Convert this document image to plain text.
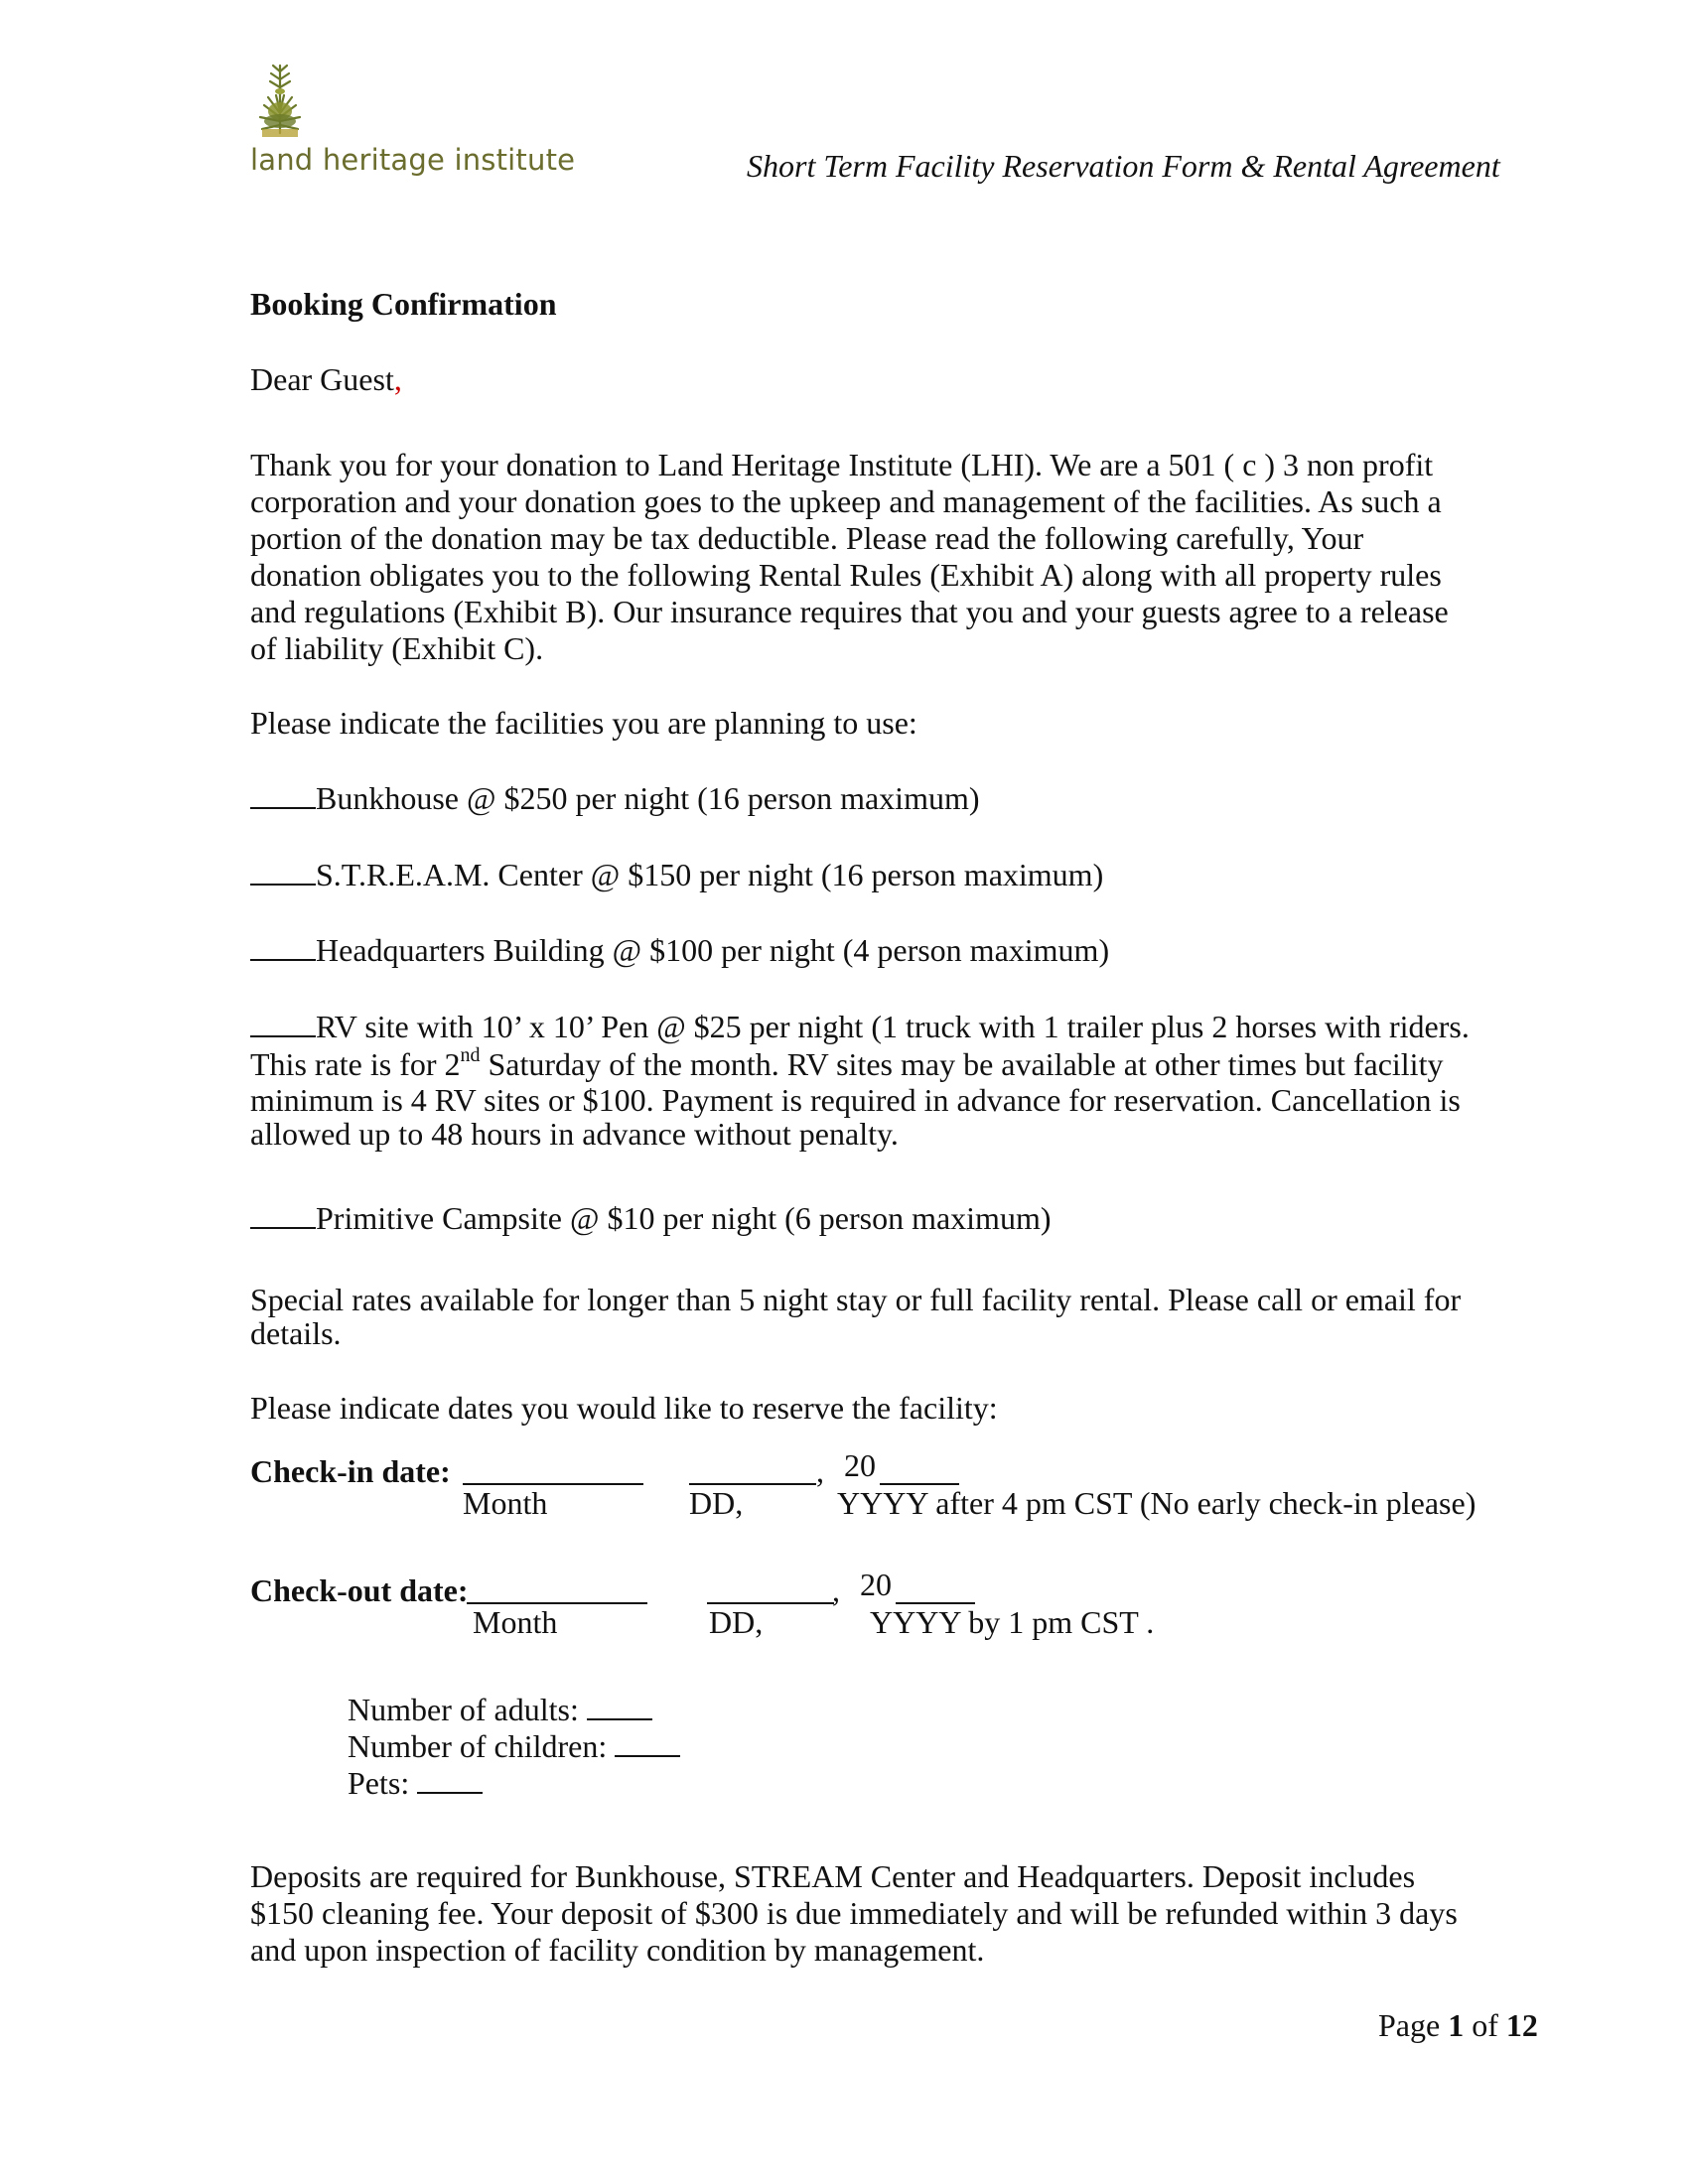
land heritage institute	Short Term Facility Reservation Form & Rental Agreement
Booking Confirmation
Dear Guest,
Thank you for your donation to Land Heritage Institute (LHI). We are a 501 ( c ) 3 non profit
corporation and your donation goes to the upkeep and management of the facilities. As such a
portion of the donation may be tax deductible. Please read the following carefully, Your
donation obligates you to the following Rental Rules (Exhibit A) along with all property rules
and regulations (Exhibit B). Our insurance requires that you and your guests agree to a release
of liability (Exhibit C).
Please indicate the facilities you are planning to use:
Bunkhouse @ $250 per night (16 person maximum)
S.T.R.E.A.M. Center @ $150 per night (16 person maximum)
Headquarters Building @ $100 per night (4 person maximum)
RV site with 10’ x 10’ Pen @ $25 per night (1 truck with 1 trailer plus 2 horses with riders.
This rate is for 2nd Saturday of the month. RV sites may be available at other times but facility
minimum is 4 RV sites or $100. Payment is required in advance for reservation. Cancellation is
allowed up to 48 hours in advance without penalty.
Primitive Campsite @ $10 per night (6 person maximum)
Special rates available for longer than 5 night stay or full facility rental. Please call or email for
details.
Please indicate dates you would like to reserve the facility:
Check-in date:	, 20
Month	DD,	YYYY after 4 pm CST (No early check-in please)
Check-out date:	, 20
Month	DD,	YYYY by 1 pm CST .
Number of adults:
Number of children:
Pets:
Deposits are required for Bunkhouse, STREAM Center and Headquarters. Deposit includes
$150 cleaning fee. Your deposit of $300 is due immediately and will be refunded within 3 days
and upon inspection of facility condition by management.
Page 1 of 12
